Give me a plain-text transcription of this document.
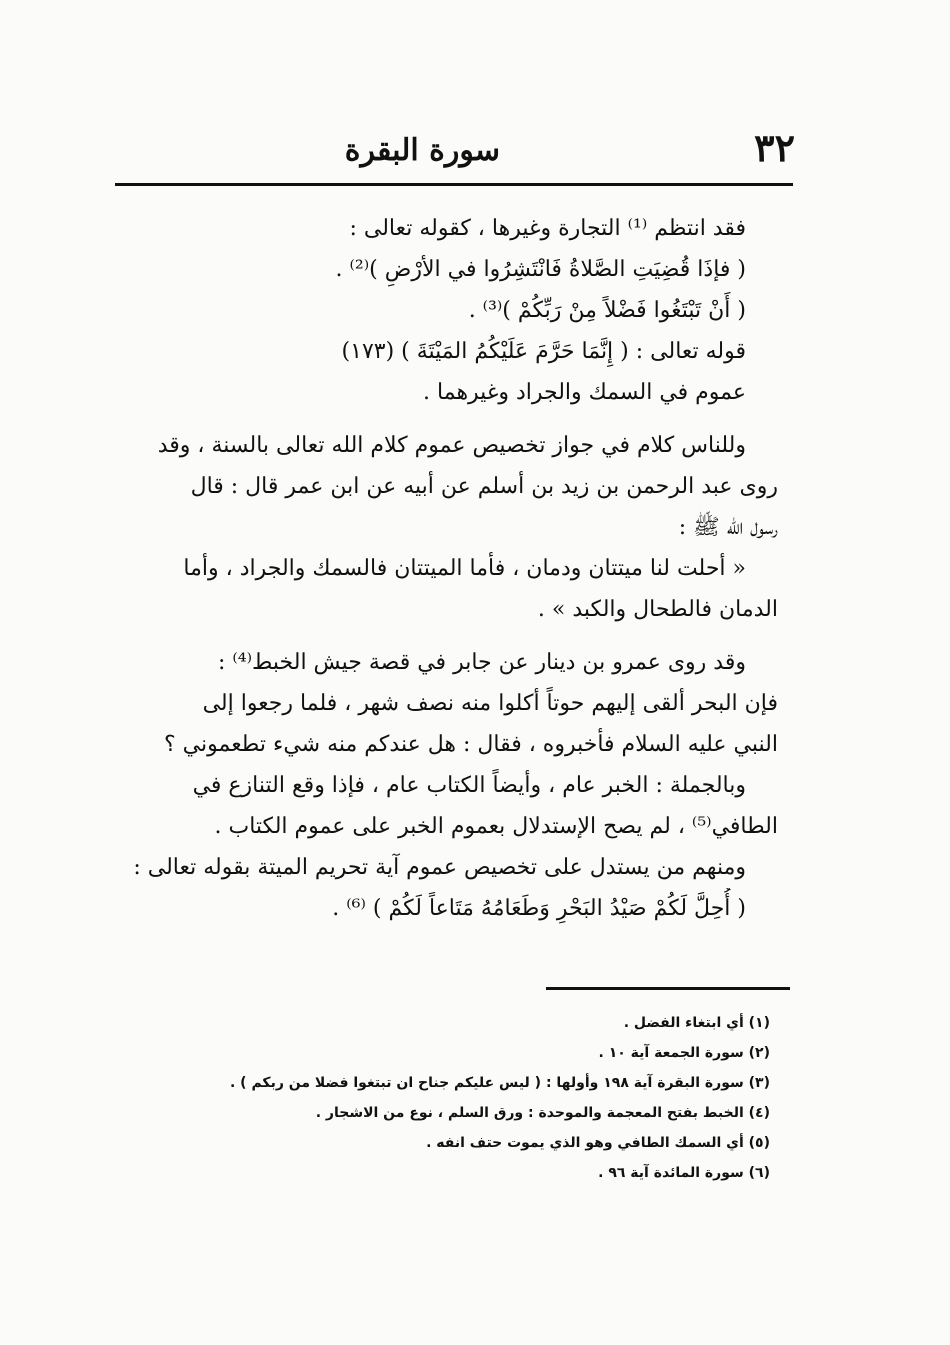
٣٢
سورة البقرة
فقد انتظم ⁽¹⁾ التجارة وغيرها ، كقوله تعالى :
( فإذَا قُضِيَتِ الصَّلاةُ فَانْتَشِرُوا في الأرْضِ )⁽²⁾ .
( أَنْ تَبْتَغُوا فَضْلاً مِنْ رَبِّكُمْ )⁽³⁾ .
قوله تعالى : ( إِنَّمَا حَرَّمَ عَلَيْكُمُ المَيْتَةَ ) (١٧٣)
عموم في السمك والجراد وغيرهما .
وللناس كلام في جواز تخصيص عموم كلام الله تعالى بالسنة ، وقد
روى عبد الرحمن بن زيد بن أسلم عن أبيه عن ابن عمر قال : قال
رسول الله ﷺ :
« أحلت لنا ميتتان ودمان ، فأما الميتتان فالسمك والجراد ، وأما
الدمان فالطحال والكبد » .
وقد روى عمرو بن دينار عن جابر في قصة جيش الخبط⁽⁴⁾ :
فإن البحر ألقى إليهم حوتاً أكلوا منه نصف شهر ، فلما رجعوا إلى
النبي عليه السلام فأخبروه ، فقال : هل عندكم منه شيء تطعموني ؟
وبالجملة : الخبر عام ، وأيضاً الكتاب عام ، فإذا وقع التنازع في
الطافي⁽⁵⁾ ، لم يصح الإستدلال بعموم الخبر على عموم الكتاب .
ومنهم من يستدل على تخصيص عموم آية تحريم الميتة بقوله تعالى :
( أُحِلَّ لَكُمْ صَيْدُ البَحْرِ وَطَعَامُهُ مَتَاعاً لَكُمْ ) ⁽⁶⁾ .
(١) أي ابتغاء الفضل .
(٢) سورة الجمعة آية ١٠ .
(٣) سورة البقرة آية ١٩٨ وأولها : ( ليس عليكم جناح ان تبتغوا فضلا من ربكم ) .
(٤) الخبط بفتح المعجمة والموحدة : ورق السلم ، نوع من الاشجار .
(٥) أي السمك الطافي وهو الذي يموت حتف انفه .
(٦) سورة المائدة آية ٩٦ .
